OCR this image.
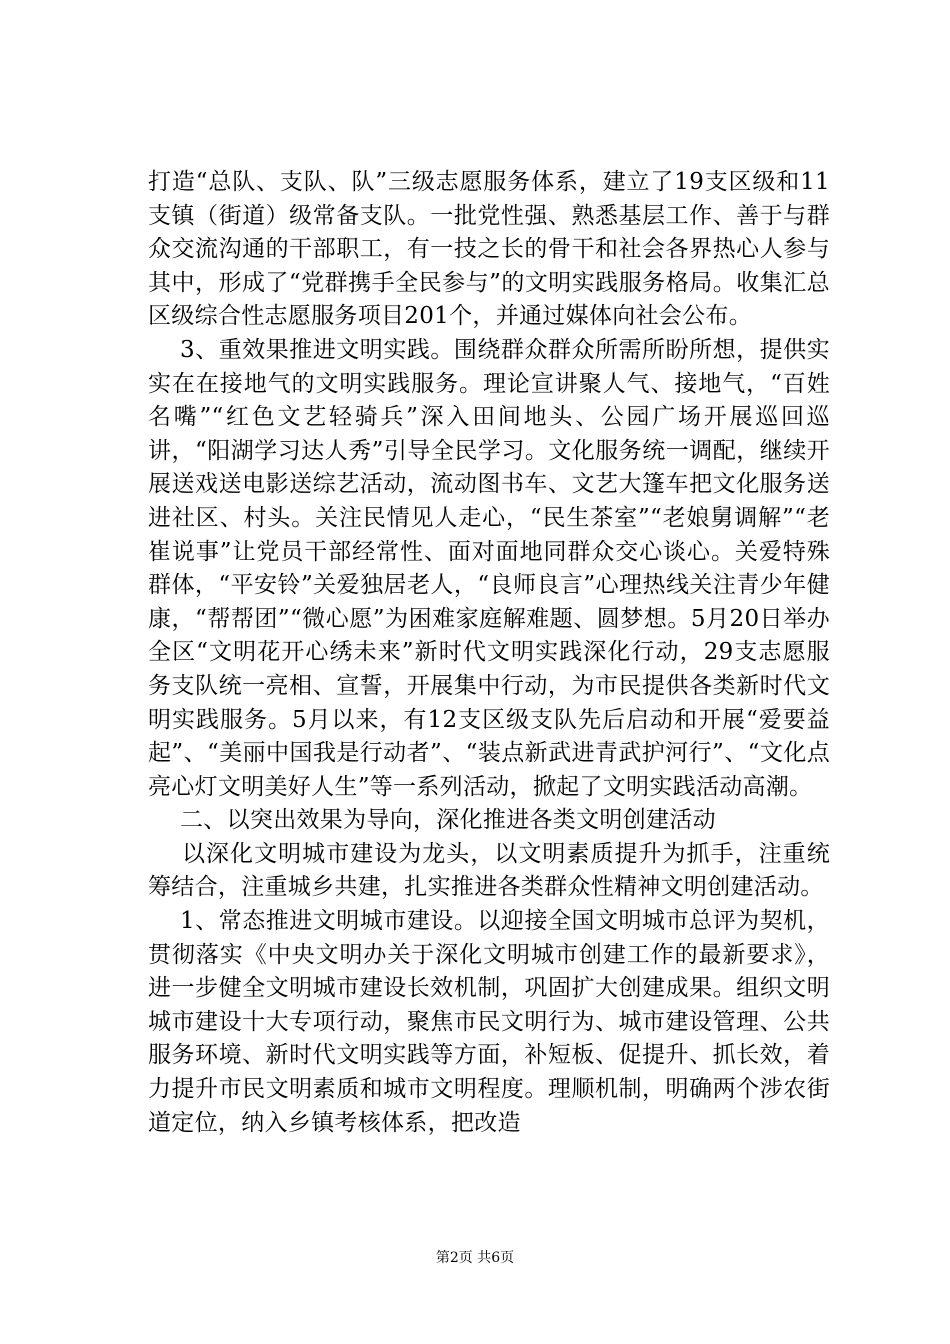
打造“总队、支队、队”三级志愿服务体系，建立了19支区级和11支镇（街道）级常备支队。一批党性强、熟悉基层工作、善于与群众交流沟通的干部职工，有一技之长的骨干和社会各界热心人参与其中，形成了“党群携手全民参与”的文明实践服务格局。收集汇总区级综合性志愿服务项目201个，并通过媒体向社会公布。

3、重效果推进文明实践。围绕群众群众所需所盼所想，提供实实在在接地气的文明实践服务。理论宣讲聚人气、接地气，“百姓名嘴”“红色文艺轻骑兵”深入田间地头、公园广场开展巡回巡讲，“阳湖学习达人秀”引导全民学习。文化服务统一调配，继续开展送戏送电影送综艺活动，流动图书车、文艺大篷车把文化服务送进社区、村头。关注民情见人走心，“民生茶室”“老娘舅调解”“老崔说事”让党员干部经常性、面对面地同群众交心谈心。关爱特殊群体，“平安铃”关爱独居老人，“良师良言”心理热线关注青少年健康，“帮帮团”“微心愿”为困难家庭解难题、圆梦想。5月20日举办全区“文明花开心绣未来”新时代文明实践深化行动，29支志愿服务支队统一亮相、宣誓，开展集中行动，为市民提供各类新时代文明实践服务。5月以来，有12支区级支队先后启动和开展“爱要益起”、“美丽中国我是行动者”、“装点新武进青武护河行”、“文化点亮心灯文明美好人生”等一系列活动，掀起了文明实践活动高潮。

二、以突出效果为导向，深化推进各类文明创建活动

以深化文明城市建设为龙头，以文明素质提升为抓手，注重统筹结合，注重城乡共建，扎实推进各类群众性精神文明创建活动。

1、常态推进文明城市建设。以迎接全国文明城市总评为契机，贯彻落实《中央文明办关于深化文明城市创建工作的最新要求》，进一步健全文明城市建设长效机制，巩固扩大创建成果。组织文明城市建设十大专项行动，聚焦市民文明行为、城市建设管理、公共服务环境、新时代文明实践等方面，补短板、促提升、抓长效，着力提升市民文明素质和城市文明程度。理顺机制，明确两个涉农街道定位，纳入乡镇考核体系，把改造

第2页 共6页
